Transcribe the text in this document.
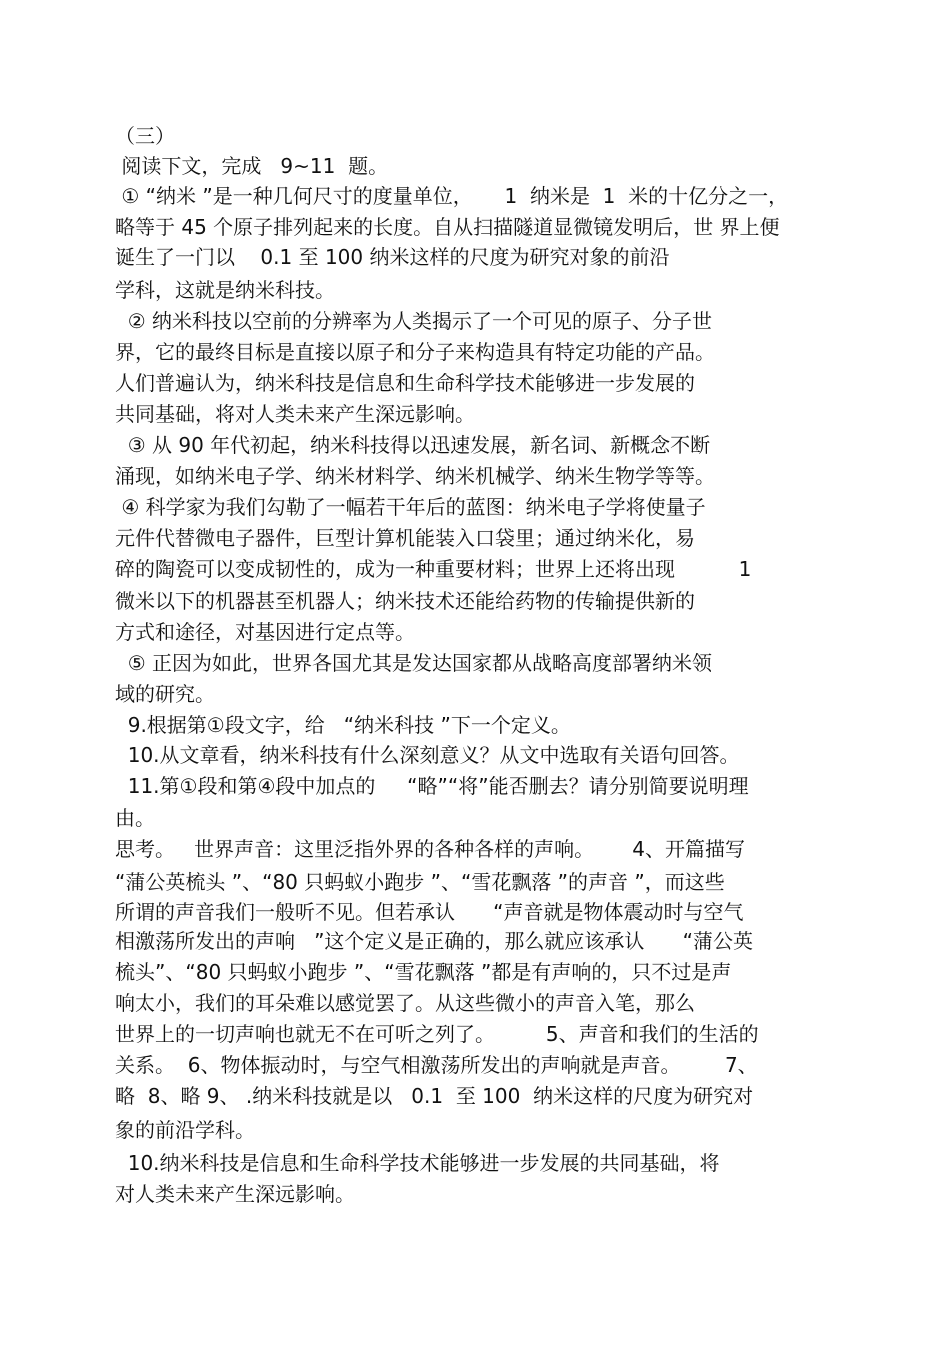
（三）
阅读下文，完成   9~11  题。
① “纳米 ”是一种几何尺寸的度量单位，     1  纳米是  1  米的十亿分之一，
略等于 45 个原子排列起来的长度。自从扫描隧道显微镜发明后，世 界上便
诞生了一门以    0.1 至 100 纳米这样的尺度为研究对象的前沿
学科，这就是纳米科技。
② 纳米科技以空前的分辨率为人类揭示了一个可见的原子、分子世
界，它的最终目标是直接以原子和分子来构造具有特定功能的产品。
人们普遍认为，纳米科技是信息和生命科学技术能够进一步发展的
共同基础，将对人类未来产生深远影响。
③ 从 90 年代初起，纳米科技得以迅速发展，新名词、新概念不断
涌现，如纳米电子学、纳米材料学、纳米机械学、纳米生物学等等。
④ 科学家为我们勾勒了一幅若干年后的蓝图：纳米电子学将使量子
元件代替微电子器件，巨型计算机能装入口袋里；通过纳米化，易
碎的陶瓷可以变成韧性的，成为一种重要材料；世界上还将出现          1
微米以下的机器甚至机器人；纳米技术还能给药物的传输提供新的
方式和途径，对基因进行定点等。
⑤ 正因为如此，世界各国尤其是发达国家都从战略高度部署纳米领
域的研究。
9.根据第①段文字，给   “纳米科技 ”下一个定义。
10.从文章看，纳米科技有什么深刻意义？从文中选取有关语句回答。
11.第①段和第④段中加点的     “略”“将”能否删去？请分别简要说明理
由。
思考。   世界声音：这里泛指外界的各种各样的声响。      4、开篇描写
“蒲公英梳头 ”、“80 只蚂蚁小跑步 ”、“雪花飘落 ”的声音 ”，而这些
所谓的声音我们一般听不见。但若承认      “声音就是物体震动时与空气
相激荡所发出的声响   ”这个定义是正确的，那么就应该承认      “蒲公英
梳头”、“80 只蚂蚁小跑步 ”、“雪花飘落 ”都是有声响的，只不过是声
响太小，我们的耳朵难以感觉罢了。从这些微小的声音入笔，那么
世界上的一切声响也就无不在可听之列了。        5、声音和我们的生活的
关系。  6、物体振动时，与空气相激荡所发出的声响就是声音。       7、
略  8、略 9、 .纳米科技就是以   0.1  至 100  纳米这样的尺度为研究对
象的前沿学科。
10.纳米科技是信息和生命科学技术能够进一步发展的共同基础，将
对人类未来产生深远影响。
